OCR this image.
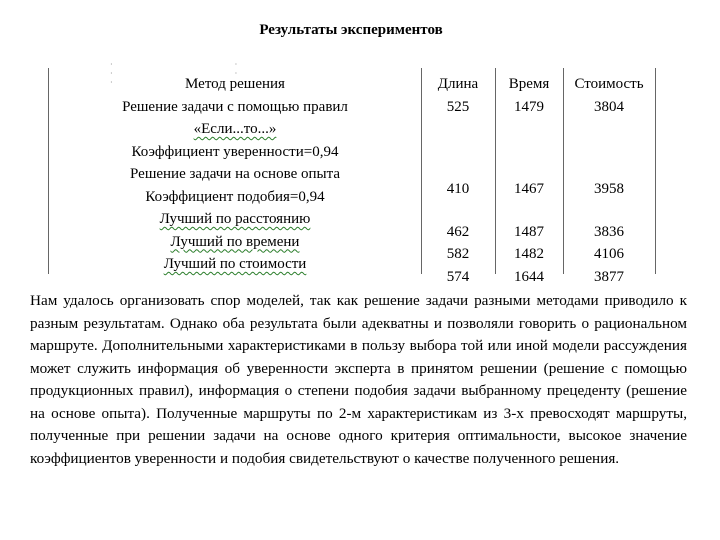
Результаты экспериментов
· · · · · Метод решения
Решение задачи с помощью правил
«Если...то...»
Коэффициент уверенности=0,94
Решение задачи на основе опыта
Коэффициент подобия=0,94
Лучший по расстоянию
Лучший по времени
Лучший по стоимости
Длина
525
410
462
582
574
Время
1479
1467
1487
1482
1644
Стоимость
3804
3958
3836
4106
3877

Нам удалось организовать спор моделей, так как решение задачи разными методами приводило к разным результатам. Однако оба результата были адекватны и позволяли говорить о рациональном маршруте. Дополнительными характеристиками в пользу выбора той или иной модели рассуждения может служить информация об уверенности эксперта в принятом решении (решение с помощью продукционных правил), информация о степени подобия задачи выбранному прецеденту (решение на основе опыта). Полученные маршруты по 2-м характеристикам из 3-х превосходят маршруты, полученные при решении задачи на основе одного критерия оптимальности, высокое значение коэффициентов уверенности и подобия свидетельствуют о качестве полученного решения.
